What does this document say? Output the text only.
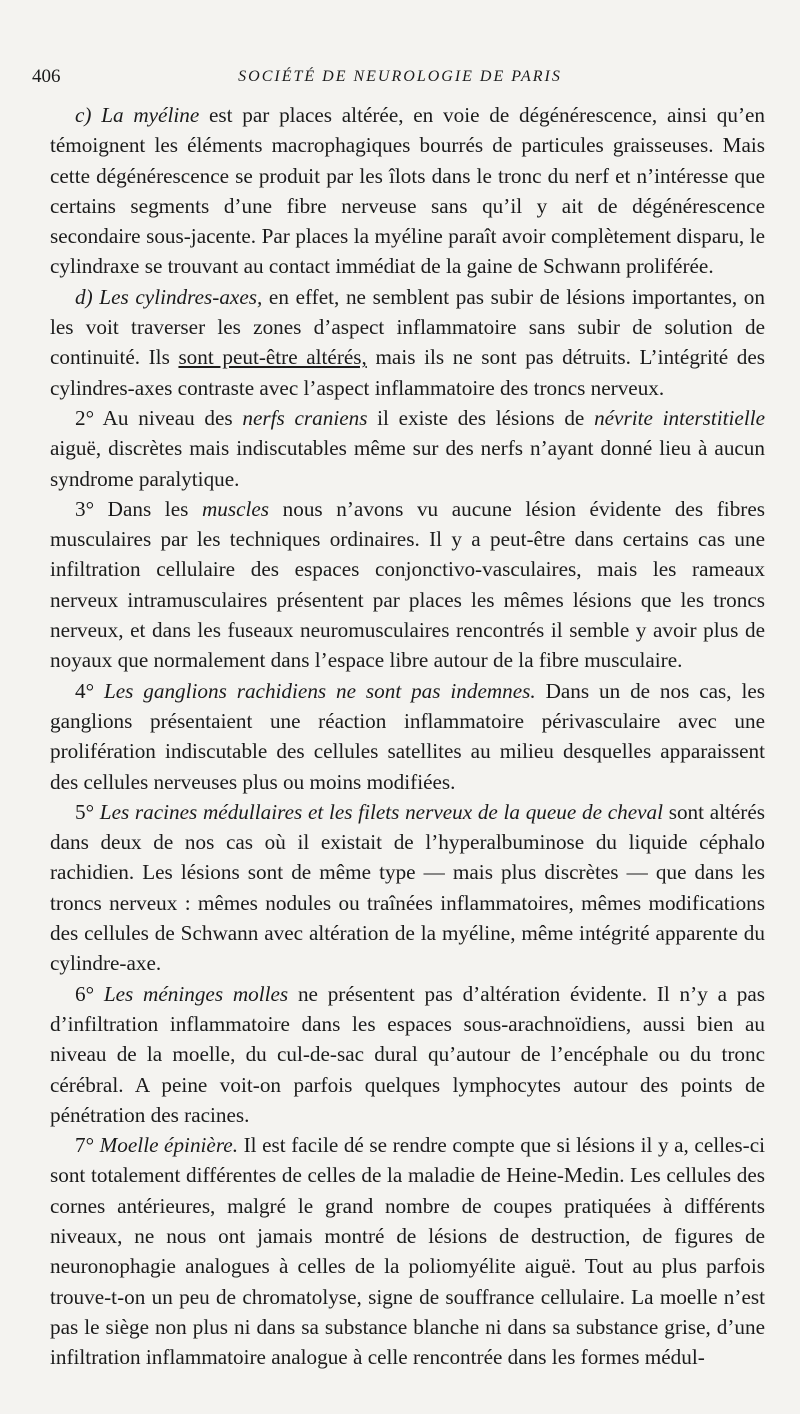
406	SOCIÉTÉ DE NEUROLOGIE DE PARIS

c) La myéline est par places altérée, en voie de dégénérescence, ainsi qu’en témoignent les éléments macrophagiques bourrés de particules graisseuses. Mais cette dégénérescence se produit par les îlots dans le tronc du nerf et n’intéresse que certains segments d’une fibre nerveuse sans qu’il y ait de dégénérescence secondaire sous-jacente. Par places la myéline paraît avoir complètement disparu, le cylindraxe se trouvant au contact immédiat de la gaine de Schwann proliférée.

d) Les cylindres-axes, en effet, ne semblent pas subir de lésions importantes, on les voit traverser les zones d’aspect inflammatoire sans subir de solution de continuité. Ils sont peut-être altérés, mais ils ne sont pas détruits. L’intégrité des cylindres-axes contraste avec l’aspect inflammatoire des troncs nerveux.

2° Au niveau des nerfs craniens il existe des lésions de névrite interstitielle aiguë, discrètes mais indiscutables même sur des nerfs n’ayant donné lieu à aucun syndrome paralytique.

3° Dans les muscles nous n’avons vu aucune lésion évidente des fibres musculaires par les techniques ordinaires. Il y a peut-être dans certains cas une infiltration cellulaire des espaces conjonctivo-vasculaires, mais les rameaux nerveux intramusculaires présentent par places les mêmes lésions que les troncs nerveux, et dans les fuseaux neuromusculaires rencontrés il semble y avoir plus de noyaux que normalement dans l’espace libre autour de la fibre musculaire.

4° Les ganglions rachidiens ne sont pas indemnes. Dans un de nos cas, les ganglions présentaient une réaction inflammatoire périvasculaire avec une prolifération indiscutable des cellules satellites au milieu desquelles apparaissent des cellules nerveuses plus ou moins modifiées.

5° Les racines médullaires et les filets nerveux de la queue de cheval sont altérés dans deux de nos cas où il existait de l’hyperalbuminose du liquide céphalo rachidien. Les lésions sont de même type — mais plus discrètes — que dans les troncs nerveux : mêmes nodules ou traînées inflammatoires, mêmes modifications des cellules de Schwann avec altération de la myéline, même intégrité apparente du cylindre-axe.

6° Les méninges molles ne présentent pas d’altération évidente. Il n’y a pas d’infiltration inflammatoire dans les espaces sous-arachnoïdiens, aussi bien au niveau de la moelle, du cul-de-sac dural qu’autour de l’encéphale ou du tronc cérébral. A peine voit-on parfois quelques lymphocytes autour des points de pénétration des racines.

7° Moelle épinière. Il est facile dé se rendre compte que si lésions il y a, celles-ci sont totalement différentes de celles de la maladie de Heine-Medin. Les cellules des cornes antérieures, malgré le grand nombre de coupes pratiquées à différents niveaux, ne nous ont jamais montré de lésions de destruction, de figures de neuronophagie analogues à celles de la poliomyélite aiguë. Tout au plus parfois trouve-t-on un peu de chromatolyse, signe de souffrance cellulaire. La moelle n’est pas le siège non plus ni dans sa substance blanche ni dans sa substance grise, d’une infiltration inflammatoire analogue à celle rencontrée dans les formes médul-
